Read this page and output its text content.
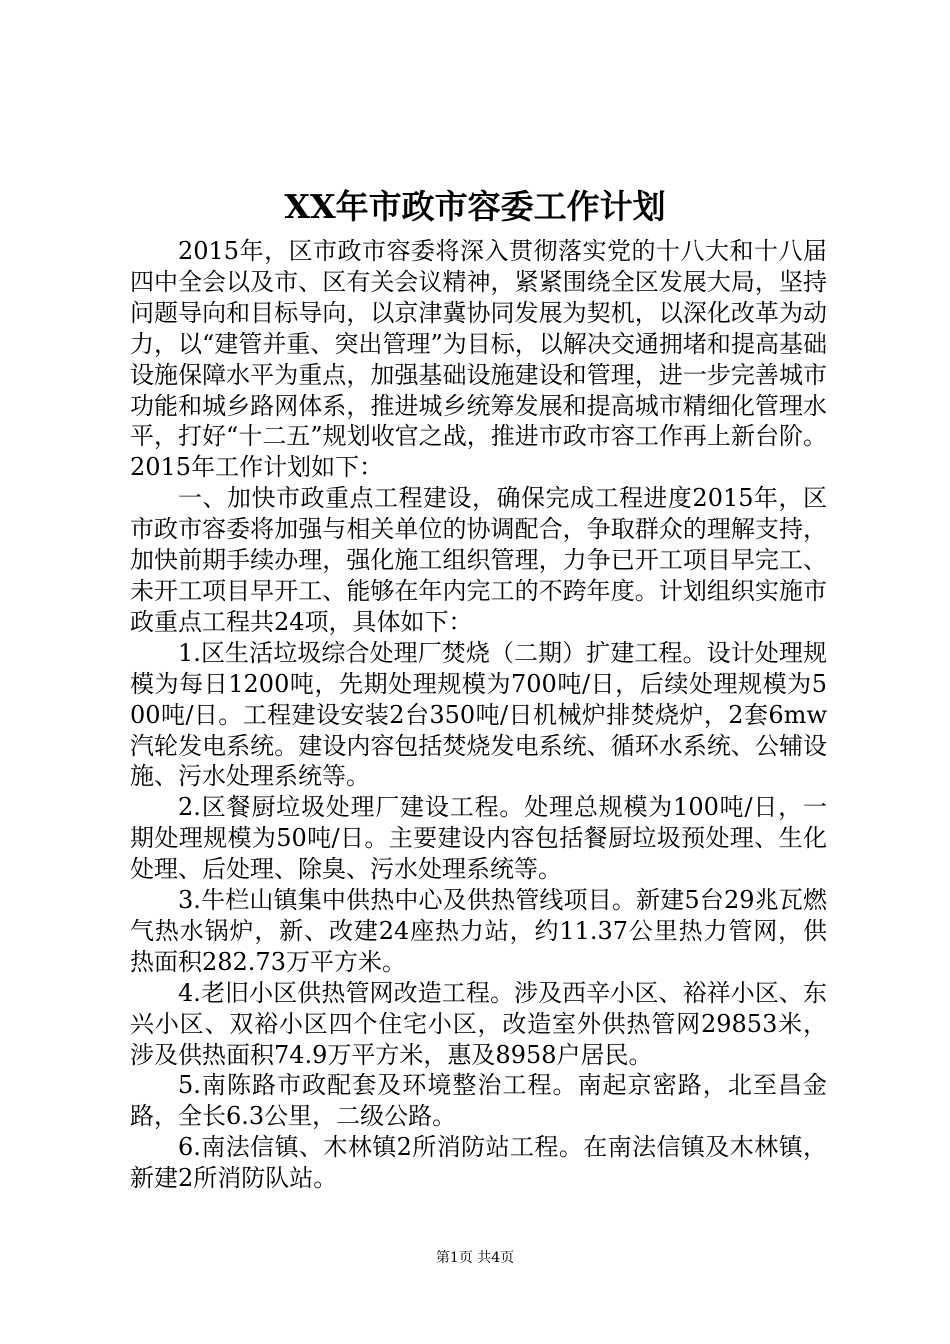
XX年市政市容委工作计划

2015年，区市政市容委将深入贯彻落实党的十八大和十八届四中全会以及市、区有关会议精神，紧紧围绕全区发展大局，坚持问题导向和目标导向，以京津冀协同发展为契机，以深化改革为动力，以“建管并重、突出管理”为目标，以解决交通拥堵和提高基础设施保障水平为重点，加强基础设施建设和管理，进一步完善城市功能和城乡路网体系，推进城乡统筹发展和提高城市精细化管理水平，打好“十二五”规划收官之战，推进市政市容工作再上新台阶。2015年工作计划如下：

一、加快市政重点工程建设，确保完成工程进度2015年，区市政市容委将加强与相关单位的协调配合，争取群众的理解支持，加快前期手续办理，强化施工组织管理，力争已开工项目早完工、未开工项目早开工、能够在年内完工的不跨年度。计划组织实施市政重点工程共24项，具体如下：

1.区生活垃圾综合处理厂焚烧（二期）扩建工程。设计处理规模为每日1200吨，先期处理规模为700吨/日，后续处理规模为500吨/日。工程建设安装2台350吨/日机械炉排焚烧炉，2套6mw汽轮发电系统。建设内容包括焚烧发电系统、循环水系统、公辅设施、污水处理系统等。

2.区餐厨垃圾处理厂建设工程。处理总规模为100吨/日，一期处理规模为50吨/日。主要建设内容包括餐厨垃圾预处理、生化处理、后处理、除臭、污水处理系统等。

3.牛栏山镇集中供热中心及供热管线项目。新建5台29兆瓦燃气热水锅炉，新、改建24座热力站，约11.37公里热力管网，供热面积282.73万平方米。

4.老旧小区供热管网改造工程。涉及西辛小区、裕祥小区、东兴小区、双裕小区四个住宅小区，改造室外供热管网29853米，涉及供热面积74.9万平方米，惠及8958户居民。

5.南陈路市政配套及环境整治工程。南起京密路，北至昌金路，全长6.3公里，二级公路。

6.南法信镇、木林镇2所消防站工程。在南法信镇及木林镇，新建2所消防队站。

第1页 共4页
